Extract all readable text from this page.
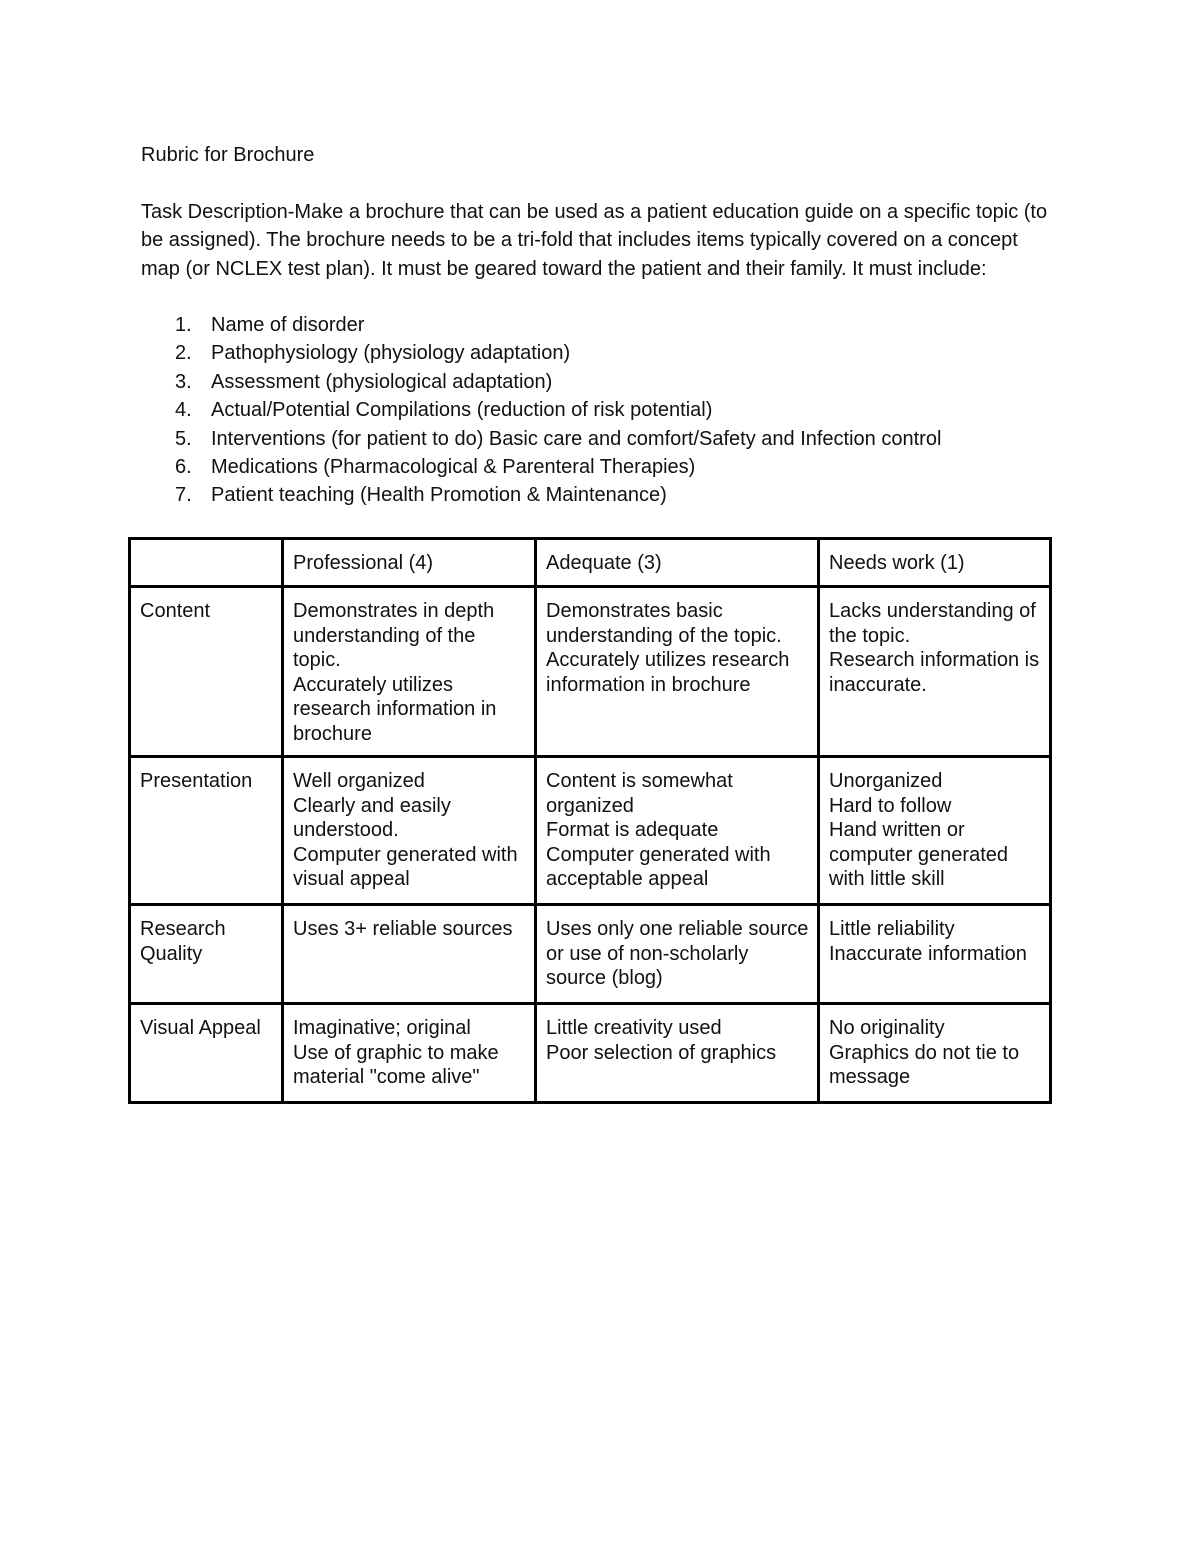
Rubric for Brochure

Task Description-Make a brochure that can be used as a patient education guide on a specific topic (to be assigned). The brochure needs to be a tri-fold that includes items typically covered on a concept map (or NCLEX test plan). It must be geared toward the patient and their family. It must include:

1. Name of disorder
2. Pathophysiology (physiology adaptation)
3. Assessment (physiological adaptation)
4. Actual/Potential Compilations (reduction of risk potential)
5. Interventions (for patient to do) Basic care and comfort/Safety and Infection control
6. Medications (Pharmacological & Parenteral Therapies)
7. Patient teaching (Health Promotion & Maintenance)
	Professional (4)	Adequate (3)	Needs work (1)
Content	Demonstrates in depth understanding of the topic.
Accurately utilizes research information in brochure	Demonstrates basic understanding of the topic.
Accurately utilizes research information in brochure	Lacks understanding of the topic.
Research information is inaccurate.
Presentation	Well organized
Clearly and easily understood.
Computer generated with visual appeal	Content is somewhat organized
Format is adequate
Computer generated with acceptable appeal	Unorganized
Hard to follow
Hand written or computer generated with little skill
Research Quality	Uses 3+ reliable sources	Uses only one reliable source or use of non-scholarly source (blog)	Little reliability
Inaccurate information
Visual Appeal	Imaginative; original
Use of graphic to make material "come alive"	Little creativity used
Poor selection of graphics	No originality
Graphics do not tie to message
